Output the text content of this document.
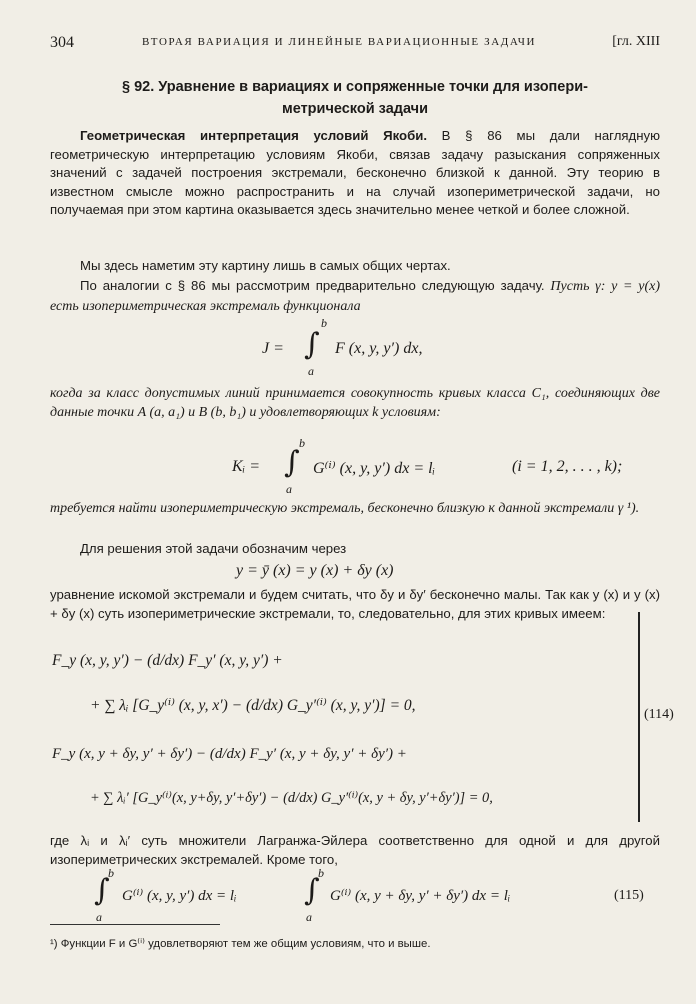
304	ВТОРАЯ ВАРИАЦИЯ И ЛИНЕЙНЫЕ ВАРИАЦИОННЫЕ ЗАДАЧИ	[гл. XIII
§ 92. Уравнение в вариациях и сопряженные точки для изопери-
метрической задачи
Геометрическая интерпретация условий Якоби. В § 86 мы дали наглядную геометрическую интерпретацию условиям Якоби, связав задачу разыскания сопряженных значений с задачей построения экстремали, бесконечно близкой к данной. Эту теорию в известном смысле можно распространить и на случай изопериметрической задачи, но получаемая при этом картина оказывается здесь значительно менее четкой и более сложной.
Мы здесь наметим эту картину лишь в самых общих чертах.
По аналогии с § 86 мы рассмотрим предварительно следующую задачу. Пусть γ: y = y(x) есть изопериметрическая экстремаль функционала
b
J = ∫ F (x, y, y′) dx,
a
когда за класс допустимых линий принимается совокупность кривых класса C₁, соединяющих две данные точки A (a, a₁) и B (b, b₁) и удовлетворяющих k условиям:
b
Kᵢ = ∫ G⁽ⁱ⁾ (x, y, y′) dx = lᵢ	(i = 1, 2, . . . , k);
a
требуется найти изопериметрическую экстремаль, бесконечно близкую к данной экстремали γ ¹).
Для решения этой задачи обозначим через
y = ȳ (x) = y (x) + δy (x)
уравнение искомой экстремали и будем считать, что δy и δy′ бесконечно малы. Так как y (x) и y (x) + δy (x) суть изопериметрические экстремали, то, следовательно, для этих кривых имеем:
F_y (x, y, y′) − (d/dx) F_y′ (x, y, y′) +
+ ∑ λᵢ [G_y⁽ⁱ⁾ (x, y, x′) − (d/dx) G_y′⁽ⁱ⁾ (x, y, y′)] = 0,
F_y (x, y + δy, y′ + δy′) − (d/dx) F_y′ (x, y + δy, y′ + δy′) +
+ ∑ λᵢ′ [G_y⁽ⁱ⁾(x, y+δy, y′+δy′) − (d/dx) G_y′⁽ⁱ⁾(x, y + δy, y′+δy′)] = 0,
(114)
где λᵢ и λᵢ′ суть множители Лагранжа-Эйлера соответственно для одной и для другой изопериметрических экстремалей. Кроме того,
b
∫ G⁽ⁱ⁾ (x, y, y′) dx = lᵢ
a
b
∫ G⁽ⁱ⁾ (x, y + δy, y′ + δy′) dx = lᵢ
a
(115)
¹) Функции F и G⁽ⁱ⁾ удовлетворяют тем же общим условиям, что и выше.
